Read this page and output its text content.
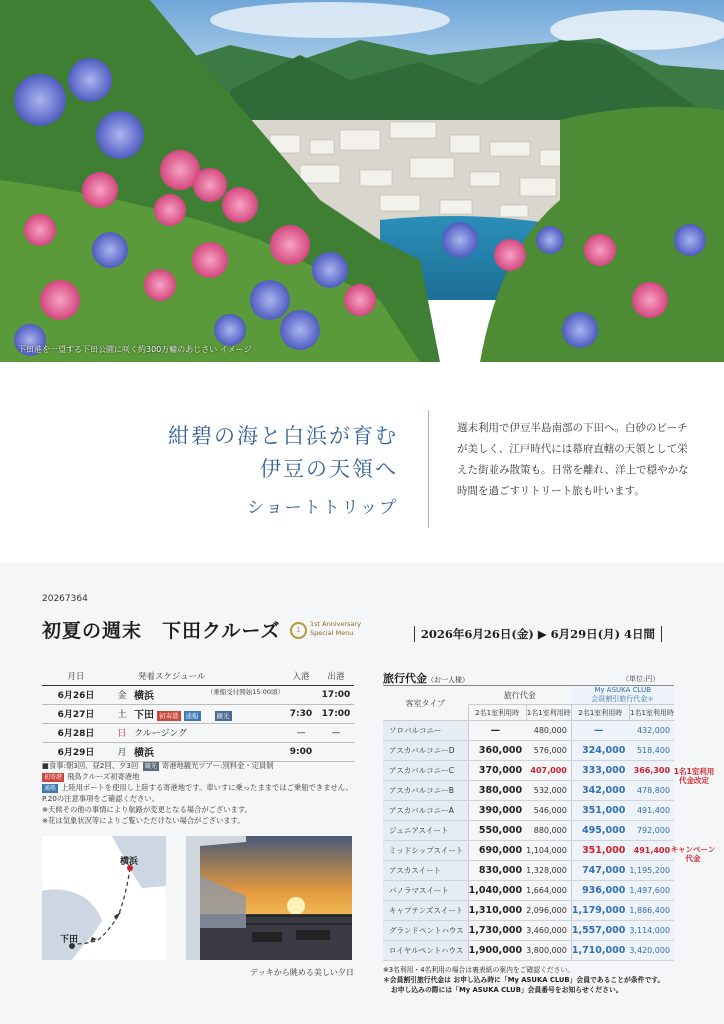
下田港を一望する下田公園に咲く約300万輪のあじさい イメージ
紺碧の海と白浜が育む
伊豆の天領へ
ショートトリップ
週末利用で伊豆半島南部の下田へ。白砂のビーチが美しく、江戸時代には幕府直轄の天領として栄えた街並み散策も。日常を離れ、洋上で穏やかな時間を過ごすリトリート旅も叶います。
20267364
初夏の週末　下田クルーズ	1
1st Anniversary
Special Menu	2026年6月26日(金) ▶ 6月29日(月) 4日間
月日		発着スケジュール	入港	出港
6月26日	金	横浜 （乗船受付開始15:00頃）		17:00
6月27日	土	下田 初寄港 通船 観光	7:30	17:00
6月28日	日	クルージング	—	—
6月29日	月	横浜	9:00	
■食事:朝3回、昼2回、夕3回 観光 寄港地観光ツアー:別料金・定員制
初寄港 飛鳥クルーズ初寄港地
通船 上陸用ボートを使用し上陸する寄港地です。車いすに乗ったままではご乗船できません。P.20の注意事項をご確認ください。
※天候その他の事情により航路が変更となる場合がございます。
※花は気象状況等によりご覧いただけない場合がございます。
横浜
下田
デッキから眺める美しい夕日
旅行代金（お一人様）	（単位:円）
客室タイプ	旅行代金		My ASUKA CLUB
会員割引旅行代金＊	

	2名1室利用時	1名1室利用時	2名1室利用時	1名1室利用時
ソロバルコニー	—	480,000	—	432,000
アスカバルコニーD	360,000	576,000	324,000	518,400
アスカバルコニーC	370,000	407,000	333,000	366,300
アスカバルコニーB	380,000	532,000	342,000	478,800
アスカバルコニーA	390,000	546,000	351,000	491,400
ジュニアスイート	550,000	880,000	495,000	792,000
ミッドシップスイート	690,000	1,104,000	351,000	491,400
アスカスイート	830,000	1,328,000	747,000	1,195,200
パノラマスイート	1,040,000	1,664,000	936,000	1,497,600
キャプテンズスイート	1,310,000	2,096,000	1,179,000	1,886,400
グランドペントハウス	1,730,000	3,460,000	1,557,000	3,114,000
ロイヤルペントハウス	1,900,000	3,800,000	1,710,000	3,420,000
1名1室利用
代金改定
キャンペーン
代金
※3名利用・4名利用の場合は裏表紙の案内をご確認ください。
＊会員割引旅行代金は お申し込み時に「My ASUKA CLUB」会員であることが条件です。
お申し込みの際には「My ASUKA CLUB」会員番号をお知らせください。
